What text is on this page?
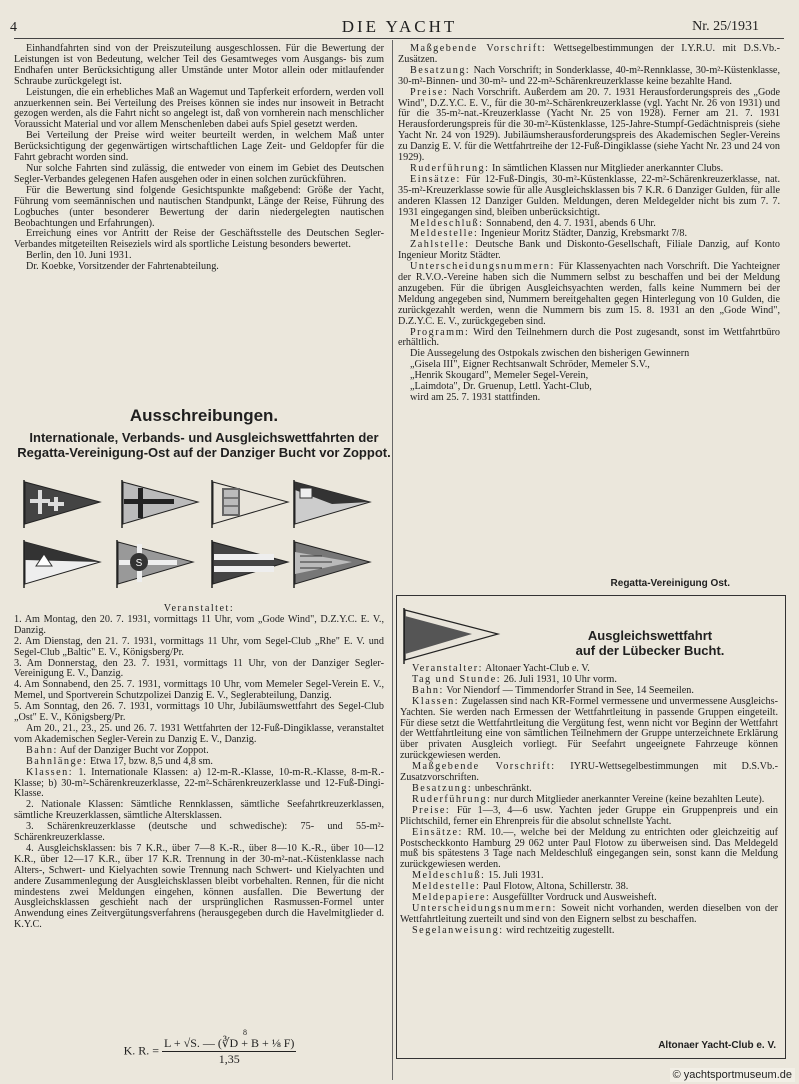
4	DIE YACHT	Nr. 25/1931

Einhandfahrten sind von der Preiszuteilung ausgeschlossen. Für die Bewertung der Leistungen ist von Bedeutung, welcher Teil des Gesamtweges vom Ausgangs- bis zum Endhafen unter Berücksichtigung aller Umstände unter Motor allein oder mitlaufender Schraube zurückgelegt ist.

Leistungen, die ein erhebliches Maß an Wagemut und Tapferkeit erfordern, werden voll anzuerkennen sein. Bei Verteilung des Preises können sie indes nur insoweit in Betracht gezogen werden, als die Fahrt nicht so angelegt ist, daß von vornherein nach menschlicher Voraussicht Material und vor allem Menschenleben dabei aufs Spiel gesetzt werden.

Bei Verteilung der Preise wird weiter beurteilt werden, in welchem Maß unter Berücksichtigung der gegenwärtigen wirtschaftlichen Lage Zeit- und Geldopfer für die Fahrt gebracht worden sind.

Nur solche Fahrten sind zulässig, die entweder von einem im Gebiet des Deutschen Segler-Verbandes gelegenen Hafen ausgehen oder in einen solchen zurückführen.

Für die Bewertung sind folgende Gesichtspunkte maßgebend: Größe der Yacht, Führung vom seemännischen und nautischen Standpunkt, Länge der Reise, Führung des Logbuches (unter besonderer Bewertung der darin niedergelegten nautischen Beobachtungen und Erfahrungen).

Erreichung eines vor Antritt der Reise der Geschäftsstelle des Deutschen Segler-Verbandes mitgeteilten Reiseziels wird als sportliche Leistung besonders bewertet.

Berlin, den 10. Juni 1931.

Dr. Koebke, Vorsitzender der Fahrtenabteilung.

Ausschreibungen.
Internationale, Verbands- und Ausgleichswettfahrten der Regatta-Vereinigung-Ost auf der Danziger Bucht vor Zoppot.
S

Veranstaltet:

1. Am Montag, den 20. 7. 1931, vormittags 11 Uhr, vom „Gode Wind", D.Z.Y.C. E. V., Danzig.

2. Am Dienstag, den 21. 7. 1931, vormittags 11 Uhr, vom Segel-Club „Rhe" E. V. und Segel-Club „Baltic" E. V., Königsberg/Pr.

3. Am Donnerstag, den 23. 7. 1931, vormittags 11 Uhr, von der Danziger Segler-Vereinigung E. V., Danzig.

4. Am Sonnabend, den 25. 7. 1931, vormittags 10 Uhr, vom Memeler Segel-Verein E. V., Memel, und Sportverein Schutzpolizei Danzig E. V., Seglerabteilung, Danzig.

5. Am Sonntag, den 26. 7. 1931, vormittags 10 Uhr, Jubiläumswettfahrt des Segel-Club „Ost" E. V., Königsberg/Pr.

Am 20., 21., 23., 25. und 26. 7. 1931 Wettfahrten der 12-Fuß-Dingiklasse, veranstaltet vom Akademischen Segler-Verein zu Danzig E. V., Danzig.

Bahn: Auf der Danziger Bucht vor Zoppot.

Bahnlänge: Etwa 17, bzw. 8,5 und 4,8 sm.

Klassen: 1. Internationale Klassen: a) 12-m-R.-Klasse, 10-m-R.-Klasse, 8-m-R.-Klasse; b) 30-m²-Schärenkreuzerklasse, 22-m²-Schärenkreuzerklasse und 12-Fuß-Dingi-Klasse.

2. Nationale Klassen: Sämtliche Rennklassen, sämtliche Seefahrtkreuzerklassen, sämtliche Kreuzerklassen, sämtliche Altersklassen.

3. Schärenkreuzerklasse (deutsche und schwedische): 75- und 55-m²-Schärenkreuzerklasse.

4. Ausgleichsklassen: bis 7 K.R., über 7—8 K.-R., über 8—10 K.-R., über 10—12 K.R., über 12—17 K.R., über 17 K.R. Trennung in der 30-m²-nat.-Küstenklasse nach Alters-, Schwert- und Kielyachten sowie Trennung nach Schwert- und Kielyachten und andere Zusammenlegung der Ausgleichsklassen bleibt vorbehalten. Rennen, für die nicht mindestens zwei Meldungen eingehen, können ausfallen. Die Bewertung der Ausgleichsklassen geschieht nach der ursprünglichen Rasmussen-Formel unter Anwendung eines Zeitvergütungsverfahrens (herausgegeben durch die Havelmitglieder d. K.Y.C.

8
K. R. = $\frac{\text{L + √S. — (∛D + B + ⅛ F)}}{1,35}$

Maßgebende Vorschrift: Wettsegelbestimmungen der I.Y.R.U. mit D.S.Vb.-Zusätzen.

Besatzung: Nach Vorschrift; in Sonderklasse, 40-m²-Rennklasse, 30-m²-Küstenklasse, 30-m²-Binnen- und 30-m²- und 22-m²-Schärenkreuzerklasse keine bezahlte Hand.

Preise: Nach Vorschrift. Außerdem am 20. 7. 1931 Herausforderungspreis des „Gode Wind", D.Z.Y.C. E. V., für die 30-m²-Schärenkreuzerklasse (vgl. Yacht Nr. 26 von 1931) und für die 35-m²-nat.-Kreuzerklasse (Yacht Nr. 25 von 1928). Ferner am 21. 7. 1931 Herausforderungspreis für die 30-m²-Küstenklasse, 125-Jahre-Stumpf-Gedächtnispreis (siehe Yacht Nr. 24 von 1929). Jubiläumsherausforderungspreis des Akademischen Segler-Vereins zu Danzig E. V. für die Wettfahrtreihe der 12-Fuß-Dingiklasse (siehe Yacht Nr. 23 und 24 von 1929).

Ruderführung: In sämtlichen Klassen nur Mitglieder anerkannter Clubs.

Einsätze: Für 12-Fuß-Dingis, 30-m²-Küstenklasse, 22-m²-Schärenkreuzerklasse, nat. 35-m²-Kreuzerklasse sowie für alle Ausgleichsklassen bis 7 K.R. 6 Danziger Gulden, für alle anderen Klassen 12 Danziger Gulden. Meldungen, deren Meldegelder nicht bis zum 7. 7. 1931 eingegangen sind, bleiben unberücksichtigt.

Meldeschluß: Sonnabend, den 4. 7. 1931, abends 6 Uhr.

Meldestelle: Ingenieur Moritz Städter, Danzig, Krebsmarkt 7/8.

Zahlstelle: Deutsche Bank und Diskonto-Gesellschaft, Filiale Danzig, auf Konto Ingenieur Moritz Städter.

Unterscheidungsnummern: Für Klassenyachten nach Vorschrift. Die Yachteigner der R.V.O.-Vereine haben sich die Nummern selbst zu beschaffen und bei der Meldung anzugeben. Für die übrigen Ausgleichsyachten werden, falls keine Nummern bei der Meldung angegeben sind, Nummern bereitgehalten gegen Hinterlegung von 10 Gulden, die zurückgezahlt werden, wenn die Nummern bis zum 15. 8. 1931 an den „Gode Wind", D.Z.Y.C. E. V., zurückgegeben sind.

Programm: Wird den Teilnehmern durch die Post zugesandt, sonst im Wettfahrtbüro erhältlich.

Die Aussegelung des Ostpokals zwischen den bisherigen Gewinnern

„Gisela III", Eigner Rechtsanwalt Schröder, Memeler S.V.,

„Henrik Skougard", Memeler Segel-Verein,

„Laimdota", Dr. Gruenup, Lettl. Yacht-Club,

wird am 25. 7. 1931 stattfinden.

Regatta-Vereinigung Ost.
Ausgleichswettfahrt
auf der Lübecker Bucht.

Veranstalter: Altonaer Yacht-Club e. V.

Tag und Stunde: 26. Juli 1931, 10 Uhr vorm.

Bahn: Vor Niendorf — Timmendorfer Strand in See, 14 Seemeilen.

Klassen: Zugelassen sind nach KR-Formel vermessene und unvermessene Ausgleichs-Yachten. Sie werden nach Ermessen der Wettfahrtleitung in passende Gruppen eingeteilt. Für diese setzt die Wettfahrtleitung die Vergütung fest, wenn nicht vor Beginn der Wettfahrt der Wettfahrtleitung eine von sämtlichen Teilnehmern der Gruppe unterzeichnete Erklärung über privaten Ausgleich vorliegt. Für Seefahrt ungeeignete Fahrzeuge können zurückgewiesen werden.

Maßgebende Vorschrift: IYRU-Wettsegelbestimmungen mit D.S.Vb.-Zusatzvorschriften.

Besatzung: unbeschränkt.

Ruderführung: nur durch Mitglieder anerkannter Vereine (keine bezahlten Leute).

Preise: Für 1—3, 4—6 usw. Yachten jeder Gruppe ein Gruppenpreis und ein Plichtschild, ferner ein Ehrenpreis für die absolut schnellste Yacht.

Einsätze: RM. 10.—, welche bei der Meldung zu entrichten oder gleichzeitig auf Postscheckkonto Hamburg 29 062 unter Paul Flotow zu überweisen sind. Das Meldegeld muß bis spätestens 3 Tage nach Meldeschluß eingegangen sein, sonst kann die Meldung zurückgewiesen werden.

Meldeschluß: 15. Juli 1931.

Meldestelle: Paul Flotow, Altona, Schillerstr. 38.

Meldepapiere: Ausgefüllter Vordruck und Ausweisheft.

Unterscheidungsnummern: Soweit nicht vorhanden, werden dieselben von der Wettfahrtleitung zuerteilt und sind von den Eignern selbst zu beschaffen.

Segelanweisung: wird rechtzeitig zugestellt.

Altonaer Yacht-Club e. V.
© yachtsportmuseum.de
